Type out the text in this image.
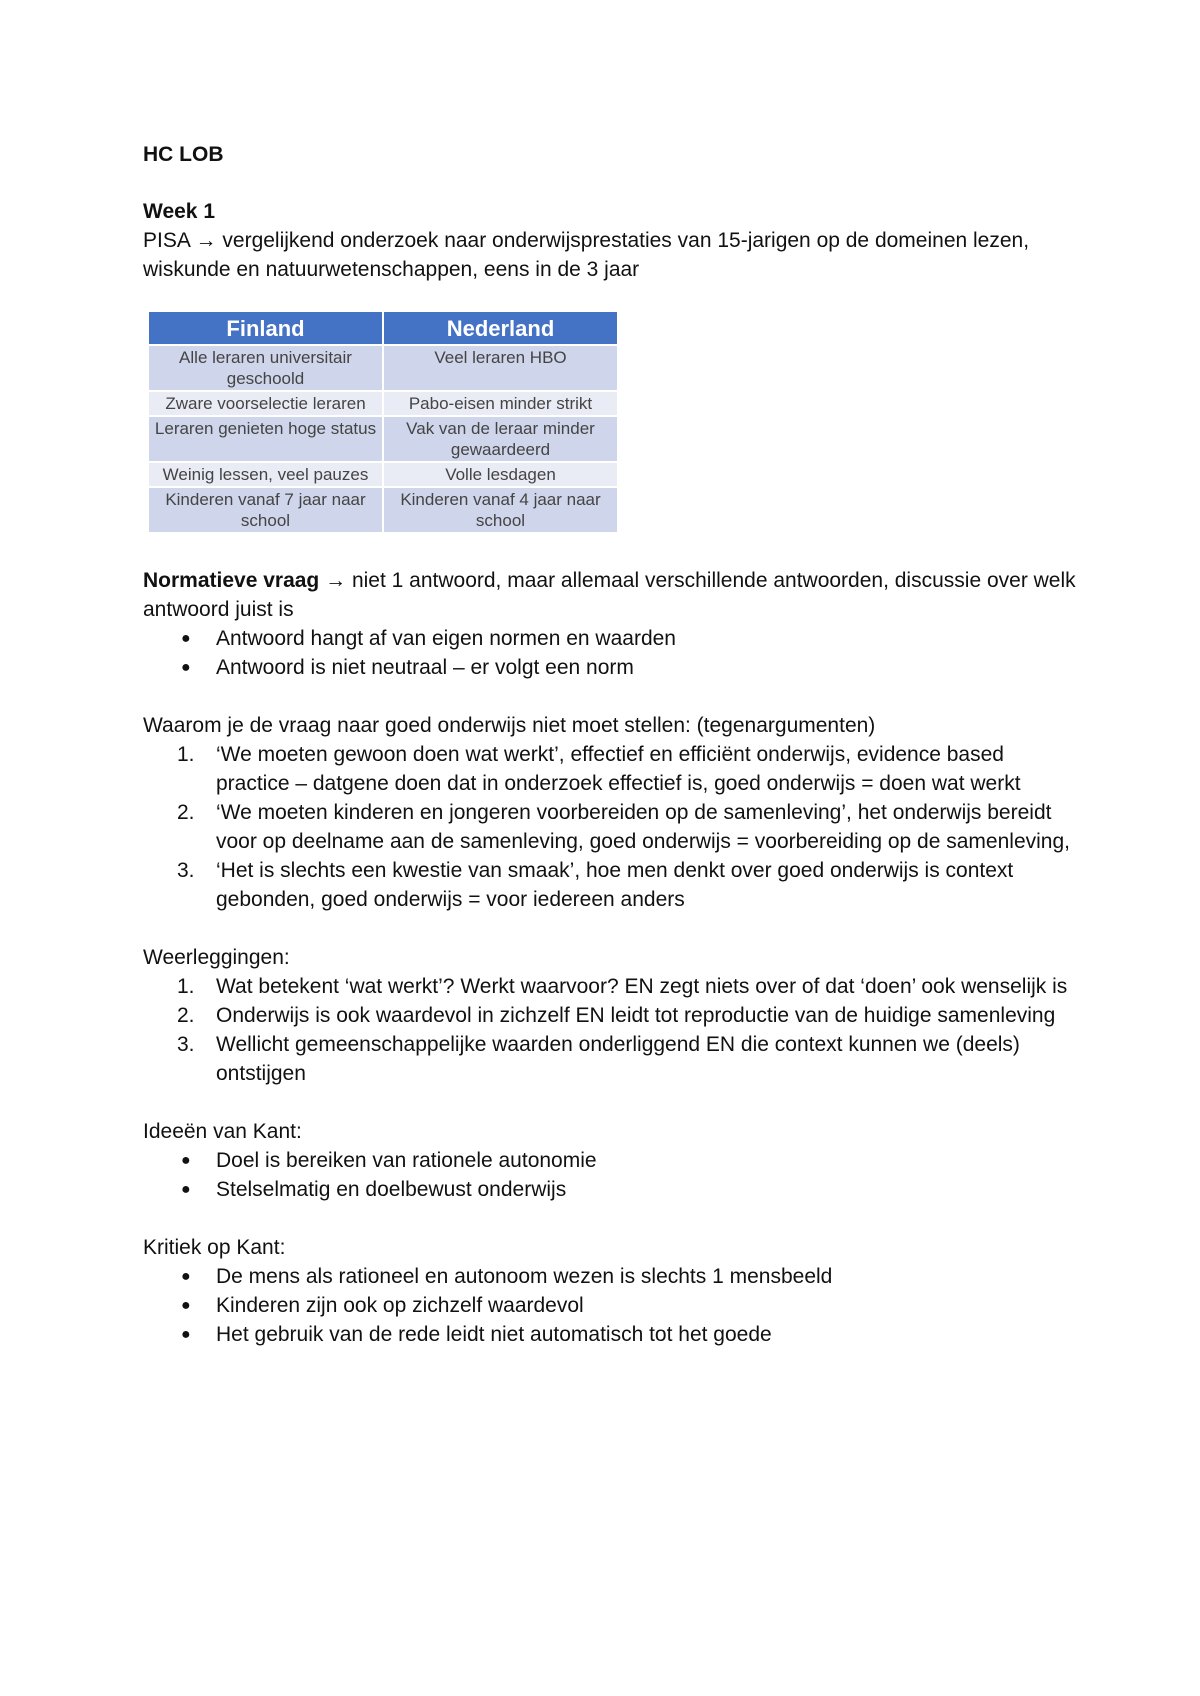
HC LOB

Week 1

PISA → vergelijkend onderzoek naar onderwijsprestaties van 15-jarigen op de domeinen lezen, wiskunde en natuurwetenschappen, eens in de 3 jaar

Finland	Nederland
Alle leraren universitair geschoold	Veel leraren HBO
Zware voorselectie leraren	Pabo-eisen minder strikt
Leraren genieten hoge status	Vak van de leraar minder gewaardeerd
Weinig lessen, veel pauzes	Volle lesdagen
Kinderen vanaf 7 jaar naar school	Kinderen vanaf 4 jaar naar school

Normatieve vraag → niet 1 antwoord, maar allemaal verschillende antwoorden, discussie over welk antwoord juist is

● Antwoord hangt af van eigen normen en waarden
● Antwoord is niet neutraal – er volgt een norm

Waarom je de vraag naar goed onderwijs niet moet stellen: (tegenargumenten)

1. ‘We moeten gewoon doen wat werkt’, effectief en efficiënt onderwijs, evidence based practice – datgene doen dat in onderzoek effectief is, goed onderwijs = doen wat werkt
2. ‘We moeten kinderen en jongeren voorbereiden op de samenleving’, het onderwijs bereidt voor op deelname aan de samenleving, goed onderwijs = voorbereiding op de samenleving,
3. ‘Het is slechts een kwestie van smaak’, hoe men denkt over goed onderwijs is context gebonden, goed onderwijs = voor iedereen anders

Weerleggingen:

1. Wat betekent ‘wat werkt’? Werkt waarvoor? EN zegt niets over of dat ‘doen’ ook wenselijk is
2. Onderwijs is ook waardevol in zichzelf EN leidt tot reproductie van de huidige samenleving
3. Wellicht gemeenschappelijke waarden onderliggend EN die context kunnen we (deels) ontstijgen

Ideeën van Kant:

● Doel is bereiken van rationele autonomie
● Stelselmatig en doelbewust onderwijs

Kritiek op Kant:

● De mens als rationeel en autonoom wezen is slechts 1 mensbeeld
● Kinderen zijn ook op zichzelf waardevol
● Het gebruik van de rede leidt niet automatisch tot het goede
